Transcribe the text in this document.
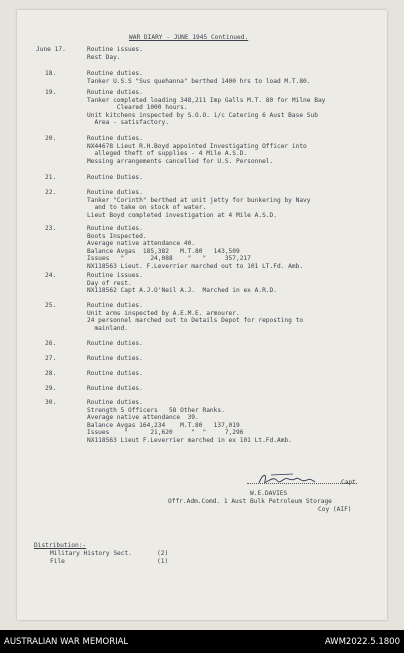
WAR DIARY - JUNE 1945 Continued.
June 17.	Routine issues.
Rest Day.
18.	Routine duties.
Tanker U.S.S "Sus quehanna" berthed 1400 hrs to load M.T.80.
19.	Routine duties.
Tanker completed loading 348,211 Imp Galls M.T. 80 for Milne Bay
Cleared 1000 hours.
Unit kitchens inspected by S.O.O. i/c Catering 6 Aust Base Sub
Area - satisfactory.
20.	Routine duties.
NX44678 Lieut R.H.Boyd appointed Investigating Officer into
alleged theft of supplies - 4 Mile A.S.D.
Messing arrangements cancelled for U.S. Personnel.
21.	Routine Duties.
22.	Routine duties.
Tanker "Corinth" berthed at unit jetty for bunkering by Navy
and to take on stock of water.
Lieut Boyd completed investigation at 4 Mile A.S.D.
23.	Routine duties.
Boots Inspected.
Average native attendance 40.
Balance Avgas  185,382   M.T.80   143,509
Issues   "       24,088    "   "     357,217
NX118563 Lieut. F.Leverrier marched out to 101 LT.Fd. Amb.
24.	Routine issues.
Day of rest.
NX118562 Capt A.J.O'Neil A.J.  Marched in ex A.R.D.
25.	Routine duties.
Unit arms inspected by A.E.M.E. armourer.
24 personnel marched out to Details Depot for reposting to
mainland.
26.	Routine duties.
27.	Routine duties.
28.	Routine duties.
29.	Routine duties.
30.	Routine duties.
Strength 5 Officers   58 Other Ranks.
Average native attendance  39.
Balance Avgas 164,234    M.T.80   137,019
Issues    "      21,620     "  "     7,296
NX118563 Lieut F.Leverrier marched in ex 101 Lt.Fd.Amb.
Capt
W.E.DAVIES
Offr.Adm.Comd. 1 Aust Bulk Petroleum Storage
Coy (AIF)
Distribution:-
Military History Sect.	(2)
File	(1)
AUSTRALIAN WAR MEMORIAL	AWM2022.5.1800
